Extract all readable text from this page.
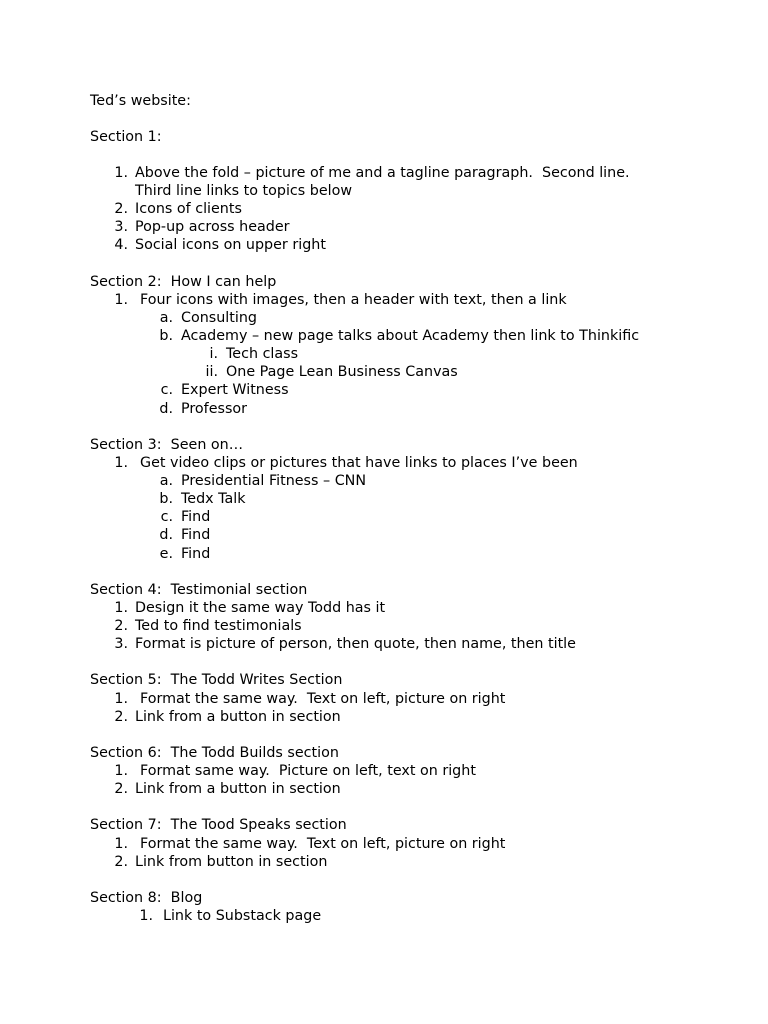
Ted’s website:
Section 1:
1. Above the fold – picture of me and a tagline paragraph.  Second line.
Third line links to topics below
2. Icons of clients
3. Pop-up across header
4. Social icons on upper right
Section 2:  How I can help
1. Four icons with images, then a header with text, then a link
a. Consulting
b. Academy – new page talks about Academy then link to Thinkific
i. Tech class
ii. One Page Lean Business Canvas
c. Expert Witness
d. Professor
Section 3:  Seen on…
1. Get video clips or pictures that have links to places I’ve been
a. Presidential Fitness – CNN
b. Tedx Talk
c. Find
d. Find
e. Find
Section 4:  Testimonial section
1. Design it the same way Todd has it
2. Ted to find testimonials
3. Format is picture of person, then quote, then name, then title
Section 5:  The Todd Writes Section
1. Format the same way.  Text on left, picture on right
2. Link from a button in section
Section 6:  The Todd Builds section
1. Format same way.  Picture on left, text on right
2. Link from a button in section
Section 7:  The Tood Speaks section
1. Format the same way.  Text on left, picture on right
2. Link from button in section
Section 8:  Blog
1. Link to Substack page
